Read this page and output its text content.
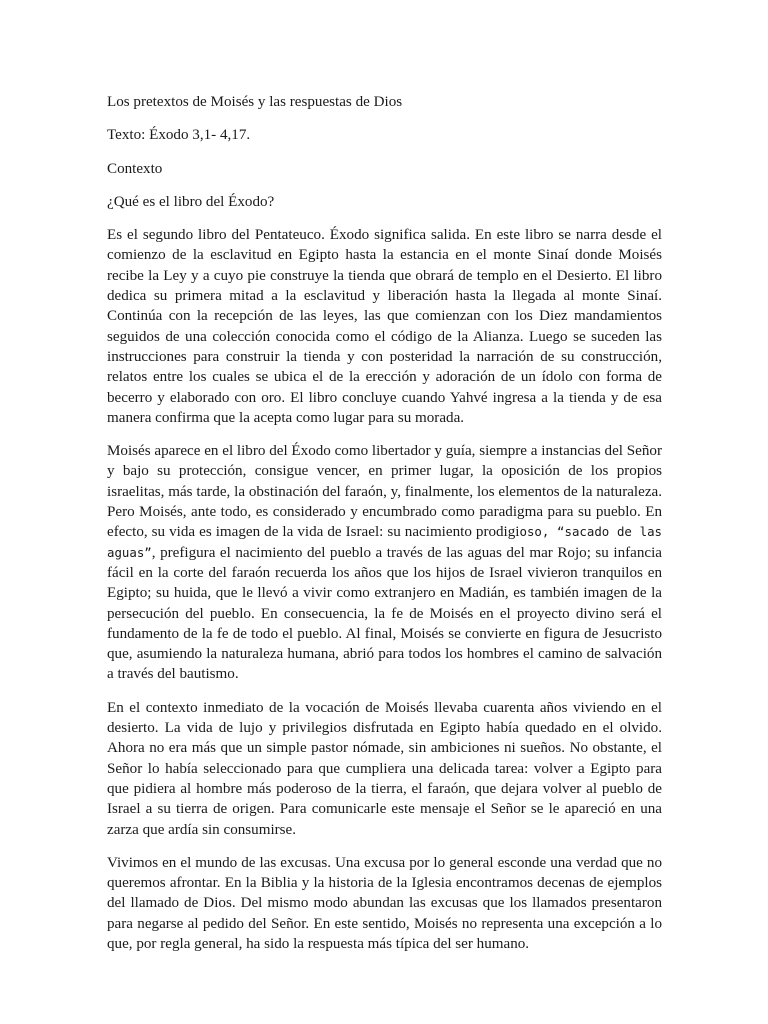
Los pretextos de Moisés y las respuestas de Dios

Texto: Éxodo 3,1- 4,17.

Contexto

¿Qué es el libro del Éxodo?

Es el segundo libro del Pentateuco. Éxodo significa salida. En este libro se narra desde el comienzo de la esclavitud en Egipto hasta la estancia en el monte Sinaí donde Moisés recibe la Ley y a cuyo pie construye la tienda que obrará de templo en el Desierto. El libro dedica su primera mitad a la esclavitud y liberación hasta la llegada al monte Sinaí. Continúa con la recepción de las leyes, las que comienzan con los Diez mandamientos seguidos de una colección conocida como el código de la Alianza. Luego se suceden las instrucciones para construir la tienda y con posteridad la narración de su construcción, relatos entre los cuales se ubica el de la erección y adoración de un ídolo con forma de becerro y elaborado con oro. El libro concluye cuando Yahvé ingresa a la tienda y de esa manera confirma que la acepta como lugar para su morada.

Moisés aparece en el libro del Éxodo como libertador y guía, siempre a instancias del Señor y bajo su protección, consigue vencer, en primer lugar, la oposición de los propios israelitas, más tarde, la obstinación del faraón, y, finalmente, los elementos de la naturaleza. Pero Moisés, ante todo, es considerado y encumbrado como paradigma para su pueblo. En efecto, su vida es imagen de la vida de Israel: su nacimiento prodigioso, “sacado de las aguas”, prefigura el nacimiento del pueblo a través de las aguas del mar Rojo; su infancia fácil en la corte del faraón recuerda los años que los hijos de Israel vivieron tranquilos en Egipto; su huida, que le llevó a vivir como extranjero en Madián, es también imagen de la persecución del pueblo. En consecuencia, la fe de Moisés en el proyecto divino será el fundamento de la fe de todo el pueblo. Al final, Moisés se convierte en figura de Jesucristo que, asumiendo la naturaleza humana, abrió para todos los hombres el camino de salvación a través del bautismo.

En el contexto inmediato de la vocación de Moisés llevaba cuarenta años viviendo en el desierto. La vida de lujo y privilegios disfrutada en Egipto había quedado en el olvido. Ahora no era más que un simple pastor nómade, sin ambiciones ni sueños. No obstante, el Señor lo había seleccionado para que cumpliera una delicada tarea: volver a Egipto para que pidiera al hombre más poderoso de la tierra, el faraón, que dejara volver al pueblo de Israel a su tierra de origen. Para comunicarle este mensaje el Señor se le apareció en una zarza que ardía sin consumirse.

Vivimos en el mundo de las excusas. Una excusa por lo general esconde una verdad que no queremos afrontar. En la Biblia y la historia de la Iglesia encontramos decenas de ejemplos del llamado de Dios. Del mismo modo abundan las excusas que los llamados presentaron para negarse al pedido del Señor. En este sentido, Moisés no representa una excepción a lo que, por regla general, ha sido la respuesta más típica del ser humano.
